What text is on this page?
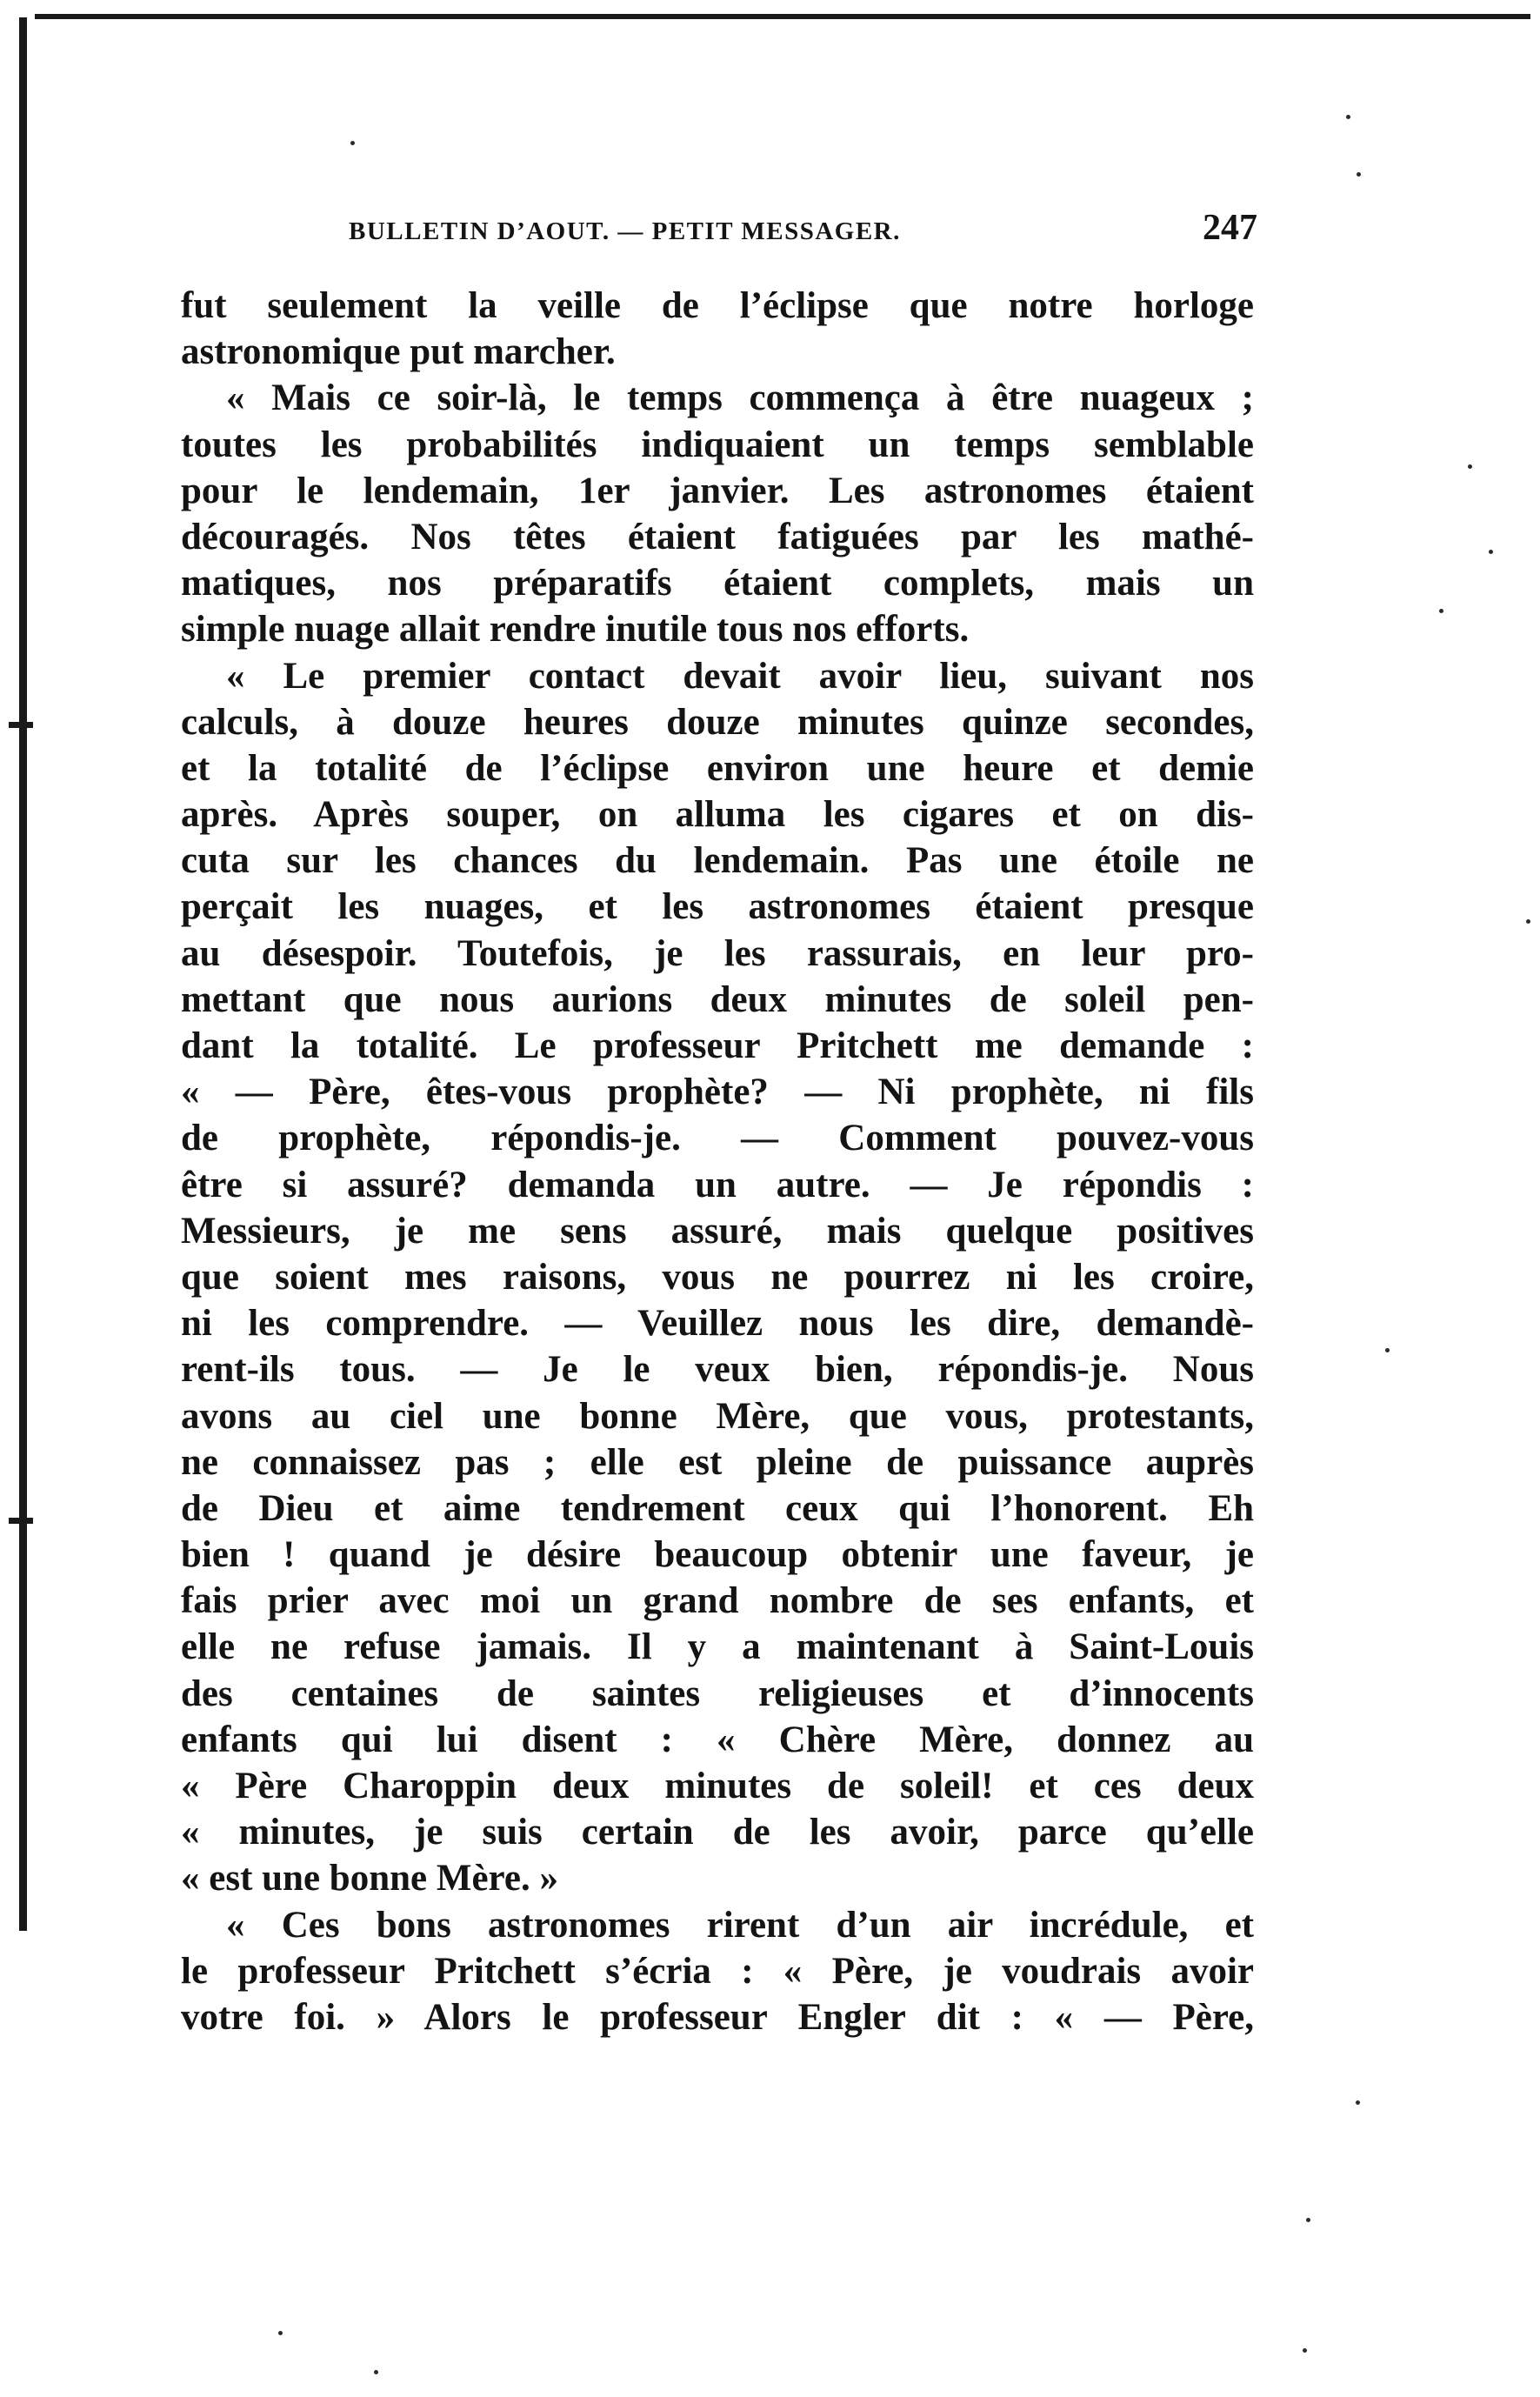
BULLETIN D’AOUT. — PETIT MESSAGER.	247
fut seulement la veille de l’éclipse que notre horloge
astronomique put marcher.
« Mais ce soir-là, le temps commença à être nuageux ;
toutes les probabilités indiquaient un temps semblable
pour le lendemain, 1er janvier. Les astronomes étaient
découragés. Nos têtes étaient fatiguées par les mathé-
matiques, nos préparatifs étaient complets, mais un
simple nuage allait rendre inutile tous nos efforts.
« Le premier contact devait avoir lieu, suivant nos
calculs, à douze heures douze minutes quinze secondes,
et la totalité de l’éclipse environ une heure et demie
après. Après souper, on alluma les cigares et on dis-
cuta sur les chances du lendemain. Pas une étoile ne
perçait les nuages, et les astronomes étaient presque
au désespoir. Toutefois, je les rassurais, en leur pro-
mettant que nous aurions deux minutes de soleil pen-
dant la totalité. Le professeur Pritchett me demande :
« — Père, êtes-vous prophète? — Ni prophète, ni fils
de prophète, répondis-je. — Comment pouvez-vous
être si assuré? demanda un autre. — Je répondis :
Messieurs, je me sens assuré, mais quelque positives
que soient mes raisons, vous ne pourrez ni les croire,
ni les comprendre. — Veuillez nous les dire, demandè-
rent-ils tous. — Je le veux bien, répondis-je. Nous
avons au ciel une bonne Mère, que vous, protestants,
ne connaissez pas ; elle est pleine de puissance auprès
de Dieu et aime tendrement ceux qui l’honorent. Eh
bien ! quand je désire beaucoup obtenir une faveur, je
fais prier avec moi un grand nombre de ses enfants, et
elle ne refuse jamais. Il y a maintenant à Saint-Louis
des centaines de saintes religieuses et d’innocents
enfants qui lui disent : « Chère Mère, donnez au
« Père Charoppin deux minutes de soleil! et ces deux
« minutes, je suis certain de les avoir, parce qu’elle
« est une bonne Mère. »
« Ces bons astronomes rirent d’un air incrédule, et
le professeur Pritchett s’écria : « Père, je voudrais avoir
votre foi. » Alors le professeur Engler dit : « — Père,
